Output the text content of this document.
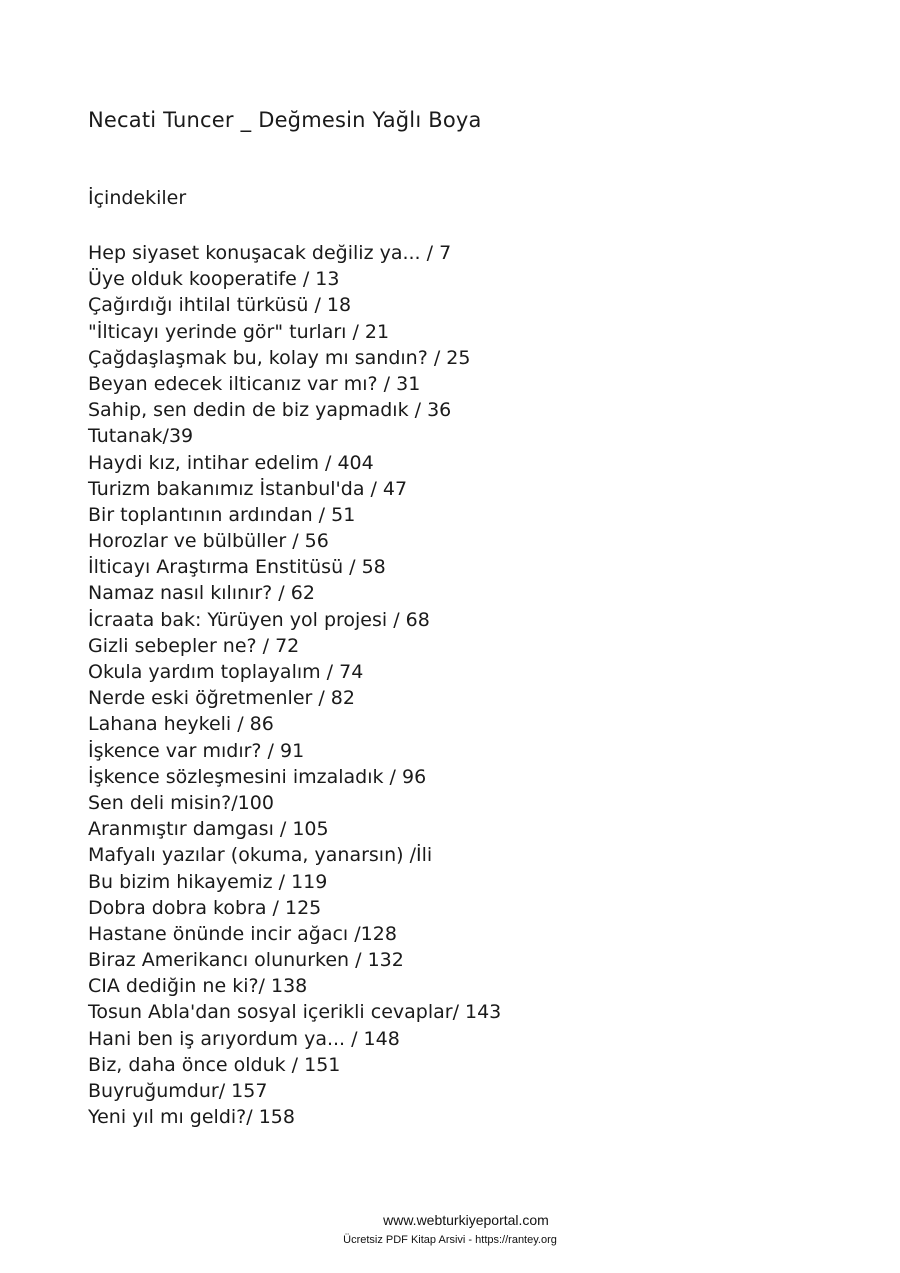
Necati Tuncer _ Değmesin Yağlı Boya
İçindekiler
Hep siyaset konuşacak değiliz ya... / 7
Üye olduk kooperatife / 13
Çağırdığı ihtilal türküsü / 18
"İlticayı yerinde gör" turları / 21
Çağdaşlaşmak bu, kolay mı sandın? / 25
Beyan edecek ilticanız var mı? / 31
Sahip, sen dedin de biz yapmadık / 36
Tutanak/39
Haydi kız, intihar edelim / 404
Turizm bakanımız İstanbul'da / 47
Bir toplantının ardından / 51
Horozlar ve bülbüller / 56
İlticayı Araştırma Enstitüsü / 58
Namaz nasıl kılınır? / 62
İcraata bak: Yürüyen yol projesi / 68
Gizli sebepler ne? / 72
Okula yardım toplayalım / 74
Nerde eski öğretmenler / 82
Lahana heykeli / 86
İşkence var mıdır? / 91
İşkence sözleşmesini imzaladık / 96
Sen deli misin?/100
Aranmıştır damgası / 105
Mafyalı yazılar (okuma, yanarsın) /İli
Bu bizim hikayemiz / 119
Dobra dobra kobra / 125
Hastane önünde incir ağacı /128
Biraz Amerikancı olunurken / 132
CIA dediğin ne ki?/ 138
Tosun Abla'dan sosyal içerikli cevaplar/ 143
Hani ben iş arıyordum ya... / 148
Biz, daha önce olduk / 151
Buyruğumdur/ 157
Yeni yıl mı geldi?/ 158
www.webturkiyeportal.com
Ücretsiz PDF Kitap Arsivi - https://rantey.org
